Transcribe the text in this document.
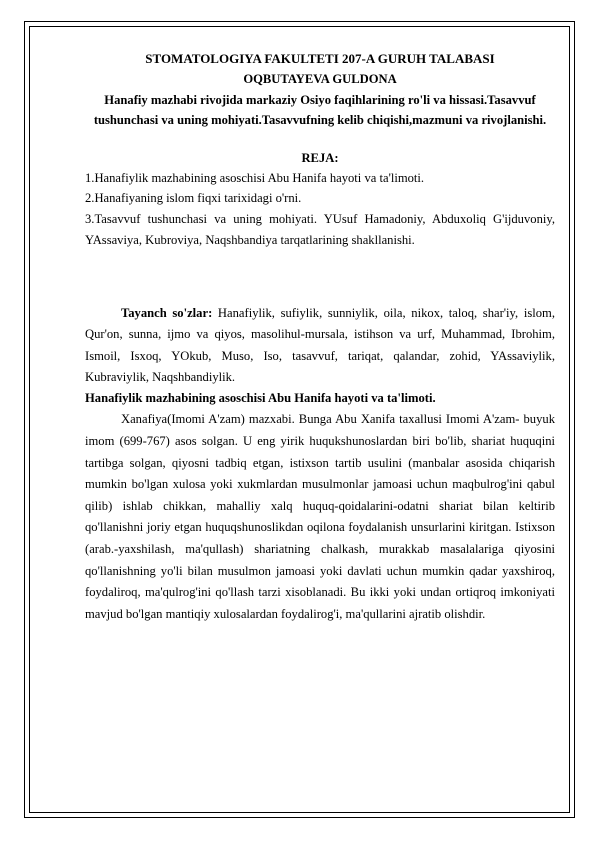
STOMATOLOGIYA FAKULTETI 207-A GURUH TALABASI

OQBUTAYEVA GULDONA

Hanafiy mazhabi rivojida markaziy Osiyo faqihlarining ro'li va hissasi.Tasavvuf tushunchasi va uning mohiyati.Tasavvufning kelib chiqishi,mazmuni va rivojlanishi.

REJA:

1.Hanafiylik mazhabining asoschisi Abu Hanifa hayoti va ta'limoti.
2.Hanafiyaning islom fiqxi tarixidagi o'rni.
3.Tasavvuf tushunchasi va uning mohiyati. YUsuf Hamadoniy, Abduxoliq G'ijduvoniy, YAssaviya, Kubroviya, Naqshbandiya tarqatlarining shakllanishi.

Tayanch so'zlar: Hanafiylik, sufiylik, sunniylik, oila, nikox, taloq, shar'iy, islom, Qur'on, sunna, ijmo va qiyos, masolihul-mursala, istihson va urf, Muhammad, Ibrohim, Ismoil, Isxoq, YOkub, Muso, Iso, tasavvuf, tariqat, qalandar, zohid, YAssaviylik, Kubraviylik, Naqshbandiylik.

Hanafiylik mazhabining asoschisi Abu Hanifa hayoti va ta'limoti.

Xanafiya(Imomi A'zam) mazxabi. Bunga Abu Xanifa taxallusi Imomi A'zam- buyuk imom (699-767) asos solgan. U eng yirik huqukshunoslardan biri bo'lib, shariat huquqini tartibga solgan, qiyosni tadbiq etgan, istixson tartib usulini (manbalar asosida chiqarish mumkin bo'lgan xulosa yoki xukmlardan musulmonlar jamoasi uchun maqbulrog'ini qabul qilib) ishlab chikkan, mahalliy xalq huquq-qoidalarini-odatni shariat bilan keltirib qo'llanishni joriy etgan huquqshunoslikdan oqilona foydalanish unsurlarini kiritgan. Istixson (arab.-yaxshilash, ma'qullash) shariatning chalkash, murakkab masalalariga qiyosini qo'llanishning yo'li bilan musulmon jamoasi yoki davlati uchun mumkin qadar yaxshiroq, foydaliroq, ma'qulrog'ini qo'llash tarzi xisoblanadi. Bu ikki yoki undan ortiqroq imkoniyati mavjud bo'lgan mantiqiy xulosalardan foydalirog'i, ma'qullarini ajratib olishdir.
